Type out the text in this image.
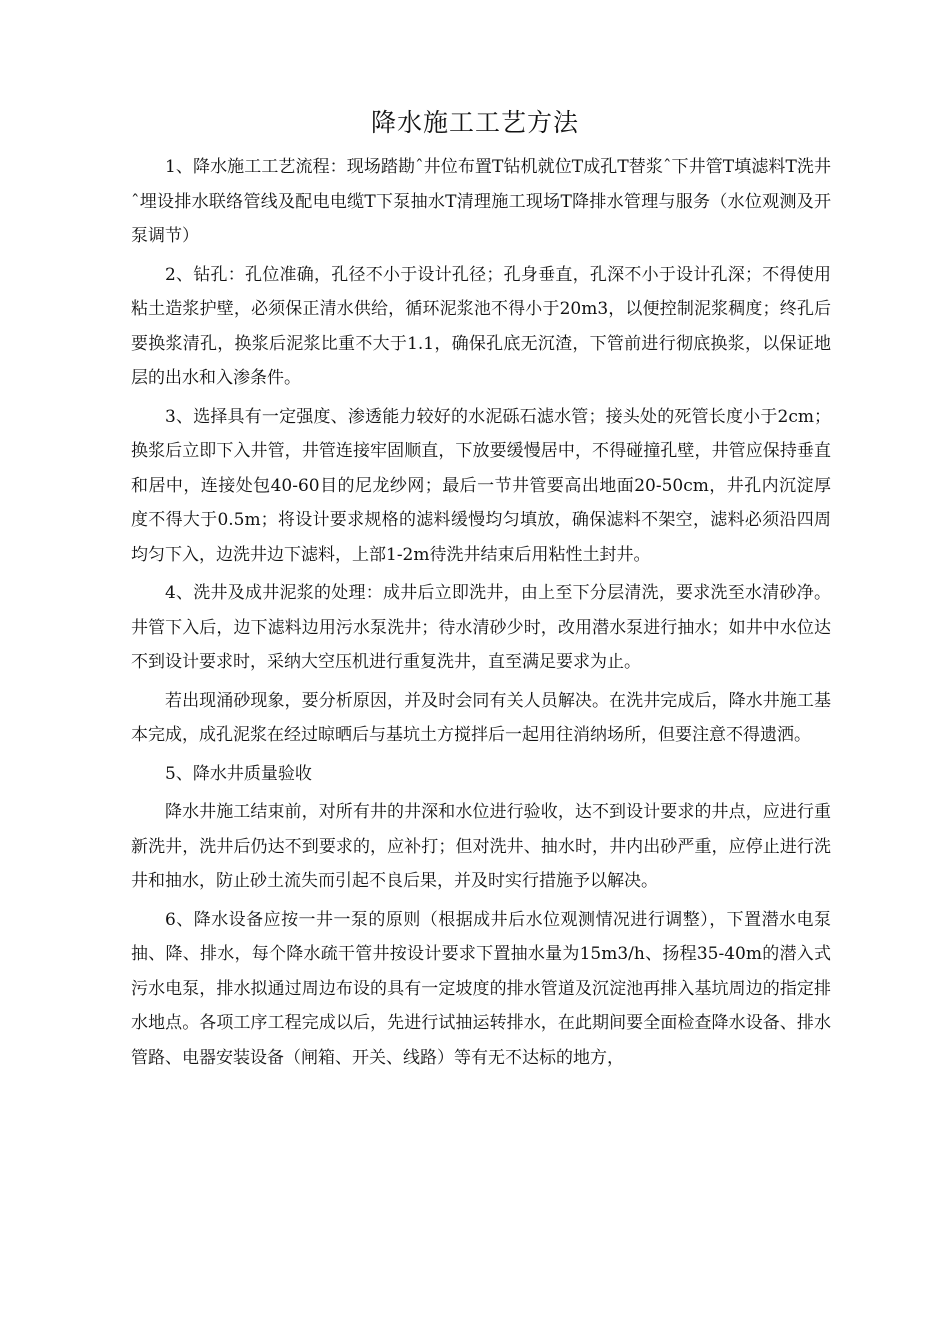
降水施工工艺方法

1、降水施工工艺流程：现场踏勘ˆ井位布置T钻机就位T成孔T替浆ˆ下井管T填滤料T洗井ˆ埋设排水联络管线及配电电缆T下泵抽水T清理施工现场T降排水管理与服务（水位观测及开泵调节）

2、钻孔：孔位准确，孔径不小于设计孔径；孔身垂直，孔深不小于设计孔深；不得使用粘土造浆护壁，必须保正清水供给，循环泥浆池不得小于20m3，以便控制泥浆稠度；终孔后要换浆清孔，换浆后泥浆比重不大于1.1，确保孔底无沉渣，下管前进行彻底换浆，以保证地层的出水和入渗条件。

3、选择具有一定强度、渗透能力较好的水泥砾石滤水管；接头处的死管长度小于2cm；换浆后立即下入井管，井管连接牢固顺直，下放要缓慢居中，不得碰撞孔壁，井管应保持垂直和居中，连接处包40-60目的尼龙纱网；最后一节井管要高出地面20-50cm，井孔内沉淀厚度不得大于0.5m；将设计要求规格的滤料缓慢均匀填放，确保滤料不架空，滤料必须沿四周均匀下入，边洗井边下滤料，上部1-2m待洗井结束后用粘性土封井。

4、洗井及成井泥浆的处理：成井后立即洗井，由上至下分层清洗，要求洗至水清砂净。井管下入后，边下滤料边用污水泵洗井；待水清砂少时，改用潜水泵进行抽水；如井中水位达不到设计要求时，采纳大空压机进行重复洗井，直至满足要求为止。

若出现涌砂现象，要分析原因，并及时会同有关人员解决。在洗井完成后，降水井施工基本完成，成孔泥浆在经过晾晒后与基坑土方搅拌后一起用往消纳场所，但要注意不得遗洒。

5、降水井质量验收

降水井施工结束前，对所有井的井深和水位进行验收，达不到设计要求的井点，应进行重新洗井，洗井后仍达不到要求的，应补打；但对洗井、抽水时，井内出砂严重，应停止进行洗井和抽水，防止砂土流失而引起不良后果，并及时实行措施予以解决。

6、降水设备应按一井一泵的原则（根据成井后水位观测情况进行调整），下置潜水电泵抽、降、排水，每个降水疏干管井按设计要求下置抽水量为15m3/h、扬程35-40m的潜入式污水电泵，排水拟通过周边布设的具有一定坡度的排水管道及沉淀池再排入基坑周边的指定排水地点。各项工序工程完成以后，先进行试抽运转排水，在此期间要全面检查降水设备、排水管路、电器安装设备（闸箱、开关、线路）等有无不达标的地方，
